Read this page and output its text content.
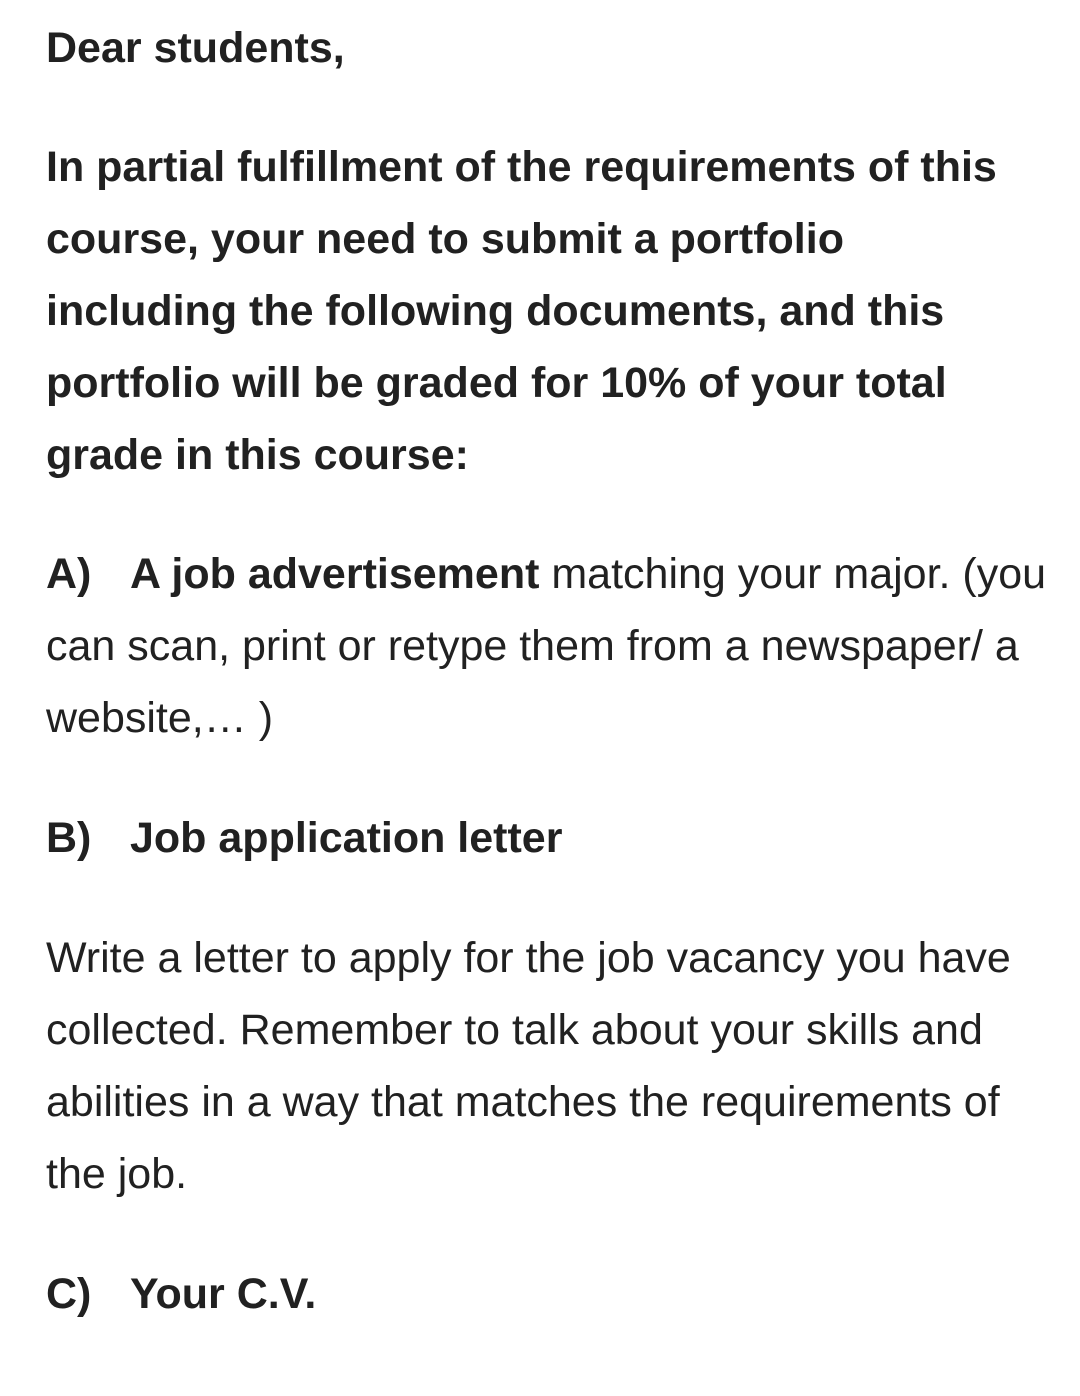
Dear students,

In partial fulfillment of the requirements of this course, your need to submit a portfolio including the following documents, and this portfolio will be graded for 10% of your total grade in this course:

A) A job advertisement matching your major. (you can scan, print or retype them from a newspaper/ a website,… )

B) Job application letter

Write a letter to apply for the job vacancy you have collected. Remember to talk about your skills and abilities in a way that matches the requirements of the job.

C) Your C.V.
